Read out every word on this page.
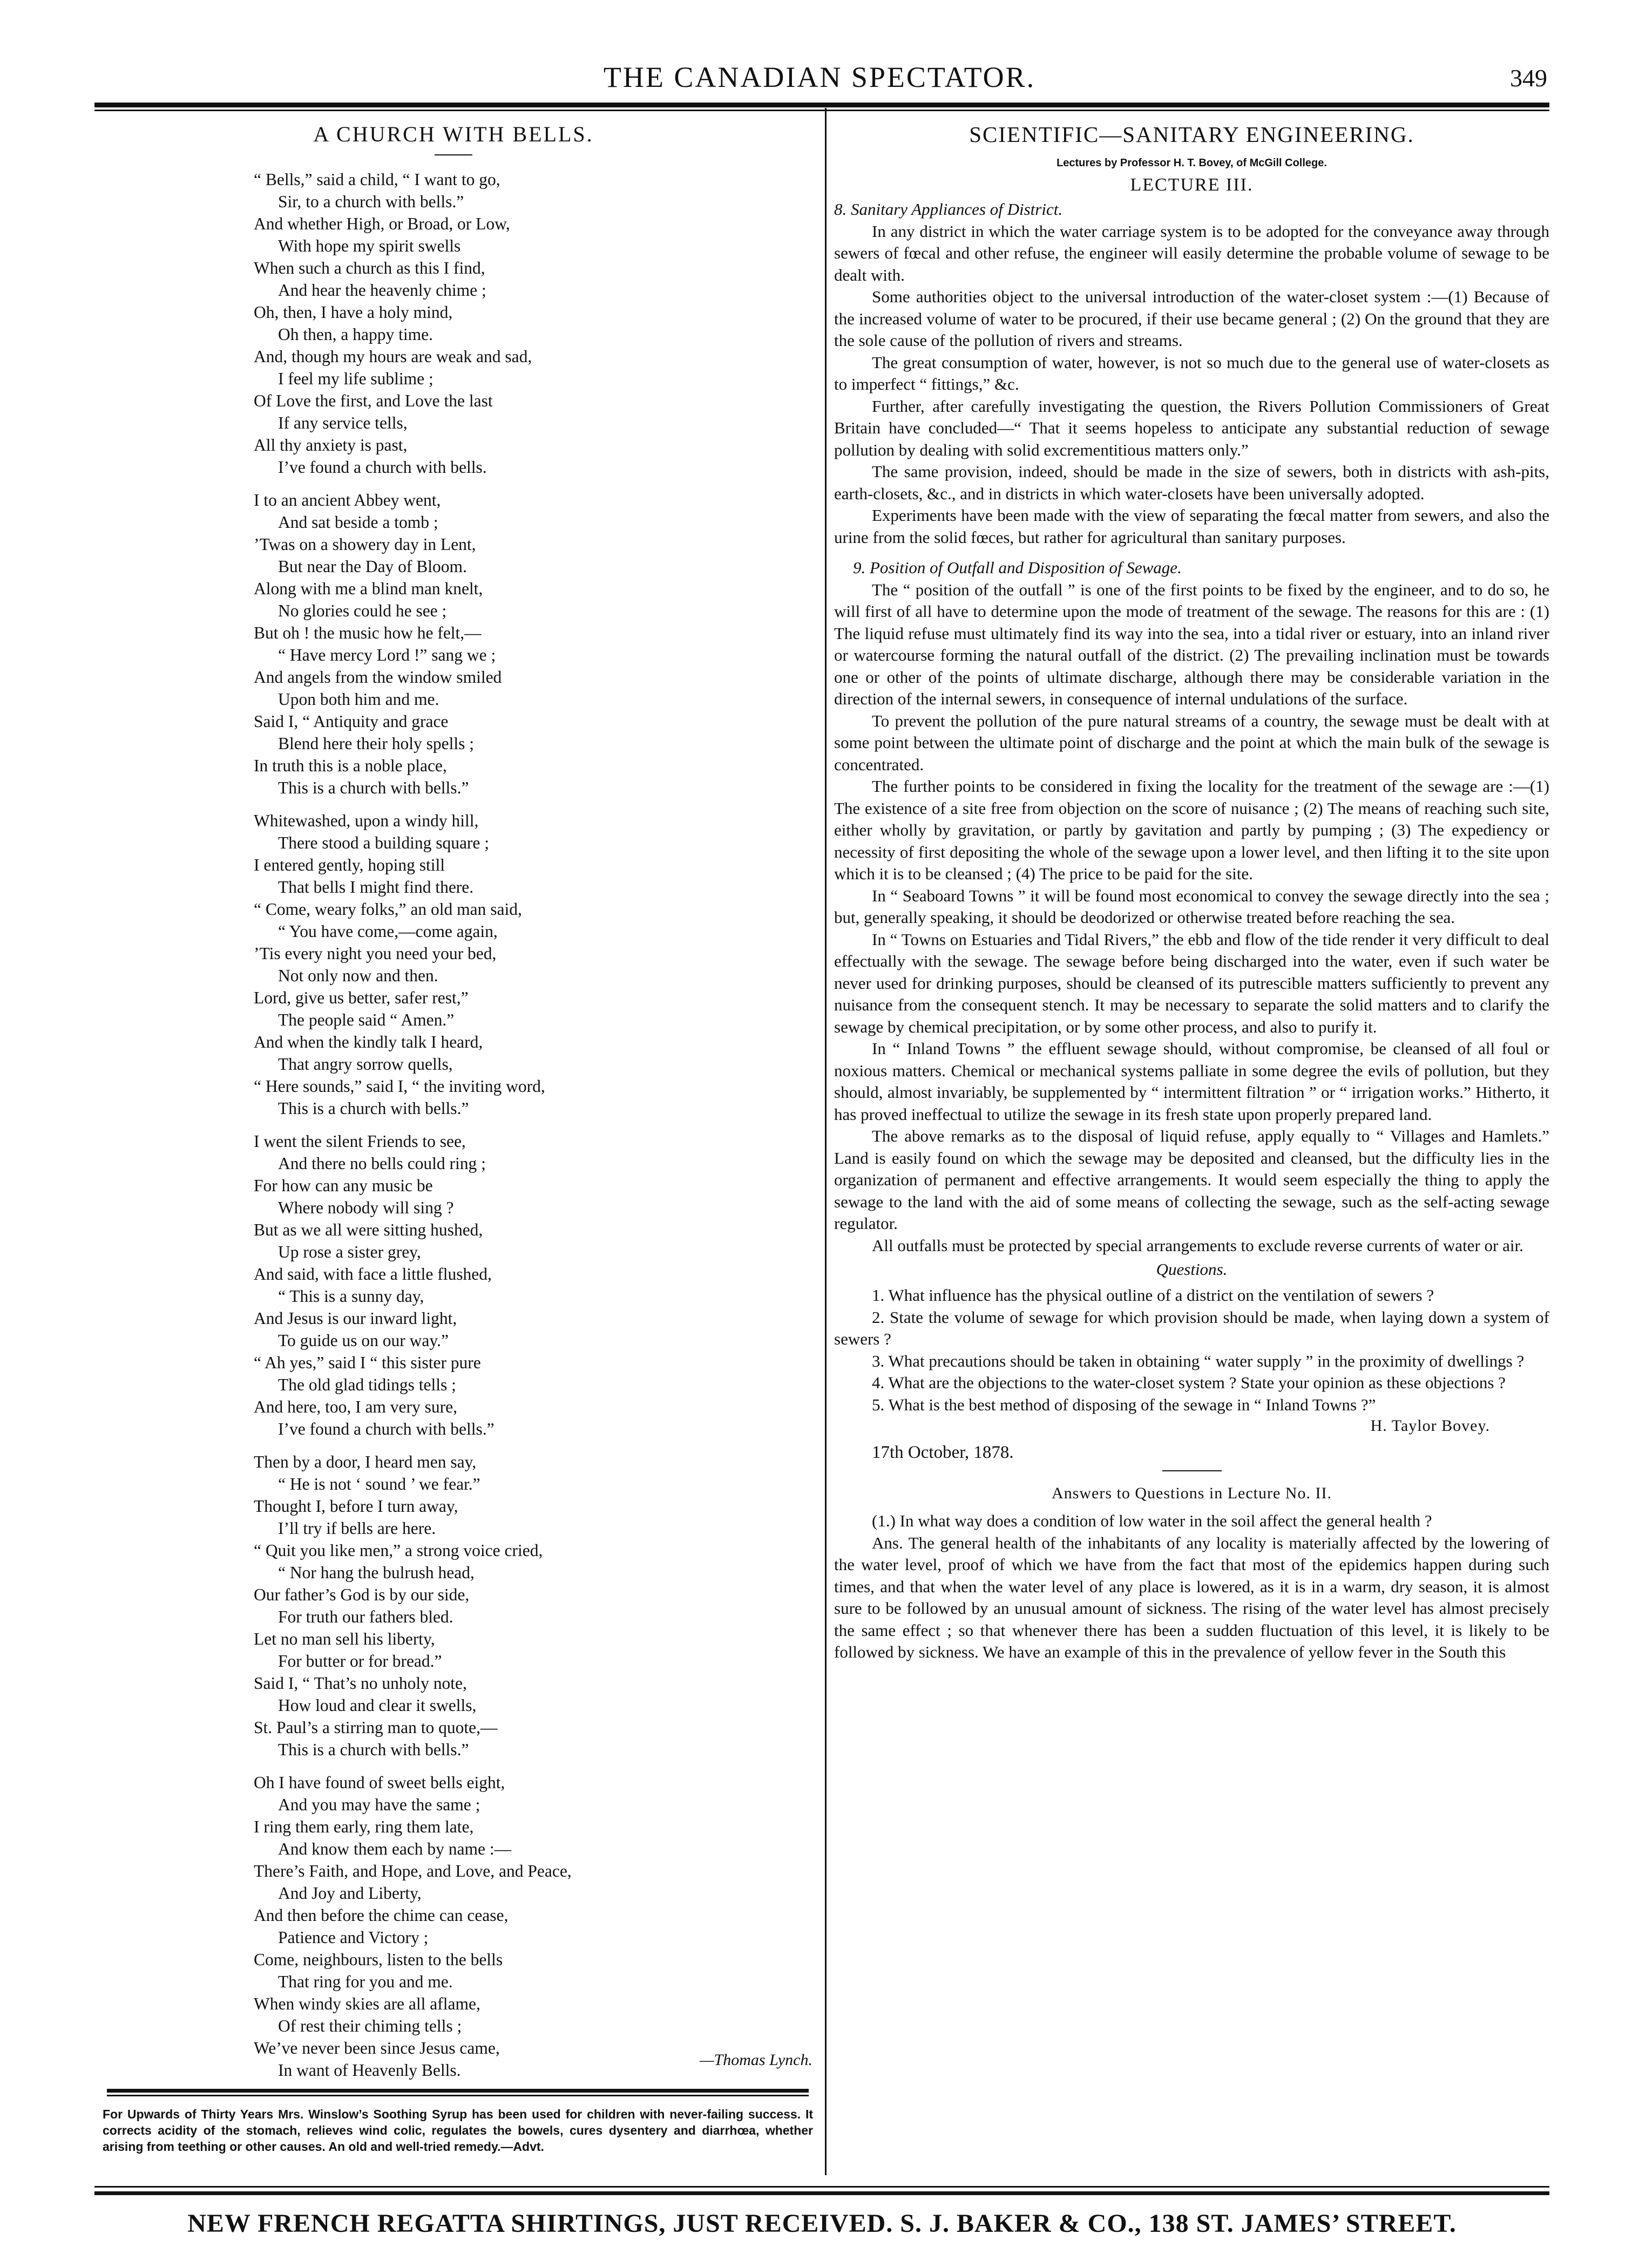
THE CANADIAN SPECTATOR.	349
A CHURCH WITH BELLS.
“ Bells,” said a child, “ I want to go,
Sir, to a church with bells.”
And whether High, or Broad, or Low,
With hope my spirit swells
When such a church as this I find,
And hear the heavenly chime ;
Oh, then, I have a holy mind,
Oh then, a happy time.
And, though my hours are weak and sad,
I feel my life sublime ;
Of Love the first, and Love the last
If any service tells,
All thy anxiety is past,
I’ve found a church with bells.
I to an ancient Abbey went,
And sat beside a tomb ;
’Twas on a showery day in Lent,
But near the Day of Bloom.
Along with me a blind man knelt,
No glories could he see ;
But oh ! the music how he felt,—
“ Have mercy Lord !” sang we ;
And angels from the window smiled
Upon both him and me.
Said I, “ Antiquity and grace
Blend here their holy spells ;
In truth this is a noble place,
This is a church with bells.”
Whitewashed, upon a windy hill,
There stood a building square ;
I entered gently, hoping still
That bells I might find there.
“ Come, weary folks,” an old man said,
“ You have come,—come again,
’Tis every night you need your bed,
Not only now and then.
Lord, give us better, safer rest,”
The people said “ Amen.”
And when the kindly talk I heard,
That angry sorrow quells,
“ Here sounds,” said I, “ the inviting word,
This is a church with bells.”
I went the silent Friends to see,
And there no bells could ring ;
For how can any music be
Where nobody will sing ?
But as we all were sitting hushed,
Up rose a sister grey,
And said, with face a little flushed,
“ This is a sunny day,
And Jesus is our inward light,
To guide us on our way.”
“ Ah yes,” said I “ this sister pure
The old glad tidings tells ;
And here, too, I am very sure,
I’ve found a church with bells.”
Then by a door, I heard men say,
“ He is not ‘ sound ’ we fear.”
Thought I, before I turn away,
I’ll try if bells are here.
“ Quit you like men,” a strong voice cried,
“ Nor hang the bulrush head,
Our father’s God is by our side,
For truth our fathers bled.
Let no man sell his liberty,
For butter or for bread.”
Said I, “ That’s no unholy note,
How loud and clear it swells,
St. Paul’s a stirring man to quote,—
This is a church with bells.”
Oh I have found of sweet bells eight,
And you may have the same ;
I ring them early, ring them late,
And know them each by name :—
There’s Faith, and Hope, and Love, and Peace,
And Joy and Liberty,
And then before the chime can cease,
Patience and Victory ;
Come, neighbours, listen to the bells
That ring for you and me.
When windy skies are all aflame,
Of rest their chiming tells ;
We’ve never been since Jesus came,
In want of Heavenly Bells.
—Thomas Lynch.

For Upwards of Thirty Years Mrs. Winslow’s Soothing Syrup has been used for children with never-failing success. It corrects acidity of the stomach, relieves wind colic, regulates the bowels, cures dysentery and diarrhœa, whether arising from teething or other causes. An old and well-tried remedy.—Advt.

SCIENTIFIC—SANITARY ENGINEERING.
Lectures by Professor H. T. Bovey, of McGill College.
LECTURE III.

8. Sanitary Appliances of District.

In any district in which the water carriage system is to be adopted for the conveyance away through sewers of fœcal and other refuse, the engineer will easily determine the probable volume of sewage to be dealt with.

Some authorities object to the universal introduction of the water-closet system :—(1) Because of the increased volume of water to be procured, if their use became general ; (2) On the ground that they are the sole cause of the pollution of rivers and streams.

The great consumption of water, however, is not so much due to the general use of water-closets as to imperfect “ fittings,” &c.

Further, after carefully investigating the question, the Rivers Pollution Commissioners of Great Britain have concluded—“ That it seems hopeless to anticipate any substantial reduction of sewage pollution by dealing with solid excrementitious matters only.”

The same provision, indeed, should be made in the size of sewers, both in districts with ash-pits, earth-closets, &c., and in districts in which water-closets have been universally adopted.

Experiments have been made with the view of separating the fœcal matter from sewers, and also the urine from the solid fœces, but rather for agricultural than sanitary purposes.

9. Position of Outfall and Disposition of Sewage.

The “ position of the outfall ” is one of the first points to be fixed by the engineer, and to do so, he will first of all have to determine upon the mode of treatment of the sewage. The reasons for this are : (1) The liquid refuse must ultimately find its way into the sea, into a tidal river or estuary, into an inland river or watercourse forming the natural outfall of the district. (2) The prevailing inclination must be towards one or other of the points of ultimate discharge, although there may be considerable variation in the direction of the internal sewers, in consequence of internal undulations of the surface.

To prevent the pollution of the pure natural streams of a country, the sewage must be dealt with at some point between the ultimate point of discharge and the point at which the main bulk of the sewage is concentrated.

The further points to be considered in fixing the locality for the treatment of the sewage are :—(1) The existence of a site free from objection on the score of nuisance ; (2) The means of reaching such site, either wholly by gravitation, or partly by gavitation and partly by pumping ; (3) The expediency or necessity of first depositing the whole of the sewage upon a lower level, and then lifting it to the site upon which it is to be cleansed ; (4) The price to be paid for the site.

In “ Seaboard Towns ” it will be found most economical to convey the sewage directly into the sea ; but, generally speaking, it should be deodorized or otherwise treated before reaching the sea.

In “ Towns on Estuaries and Tidal Rivers,” the ebb and flow of the tide render it very difficult to deal effectually with the sewage. The sewage before being discharged into the water, even if such water be never used for drinking purposes, should be cleansed of its putrescible matters sufficiently to prevent any nuisance from the consequent stench. It may be necessary to separate the solid matters and to clarify the sewage by chemical precipitation, or by some other process, and also to purify it.

In “ Inland Towns ” the effluent sewage should, without compromise, be cleansed of all foul or noxious matters. Chemical or mechanical systems palliate in some degree the evils of pollution, but they should, almost invariably, be supplemented by “ intermittent filtration ” or “ irrigation works.” Hitherto, it has proved ineffectual to utilize the sewage in its fresh state upon properly prepared land.

The above remarks as to the disposal of liquid refuse, apply equally to “ Villages and Hamlets.” Land is easily found on which the sewage may be deposited and cleansed, but the difficulty lies in the organization of permanent and effective arrangements. It would seem especially the thing to apply the sewage to the land with the aid of some means of collecting the sewage, such as the self-acting sewage regulator.

All outfalls must be protected by special arrangements to exclude reverse currents of water or air.

Questions.

1. What influence has the physical outline of a district on the ventilation of sewers ?

2. State the volume of sewage for which provision should be made, when laying down a system of sewers ?

3. What precautions should be taken in obtaining “ water supply ” in the proximity of dwellings ?

4. What are the objections to the water-closet system ? State your opinion as these objections ?

5. What is the best method of disposing of the sewage in “ Inland Towns ?”

H. Taylor Bovey.

17th October, 1878.
Answers to Questions in Lecture No. II.

(1.) In what way does a condition of low water in the soil affect the general health ?

Ans. The general health of the inhabitants of any locality is materially affected by the lowering of the water level, proof of which we have from the fact that most of the epidemics happen during such times, and that when the water level of any place is lowered, as it is in a warm, dry season, it is almost sure to be followed by an unusual amount of sickness. The rising of the water level has almost precisely the same effect ; so that whenever there has been a sudden fluctuation of this level, it is likely to be followed by sickness. We have an example of this in the prevalence of yellow fever in the South this

NEW FRENCH REGATTA SHIRTINGS, JUST RECEIVED. S. J. BAKER & CO., 138 ST. JAMES’ STREET.
